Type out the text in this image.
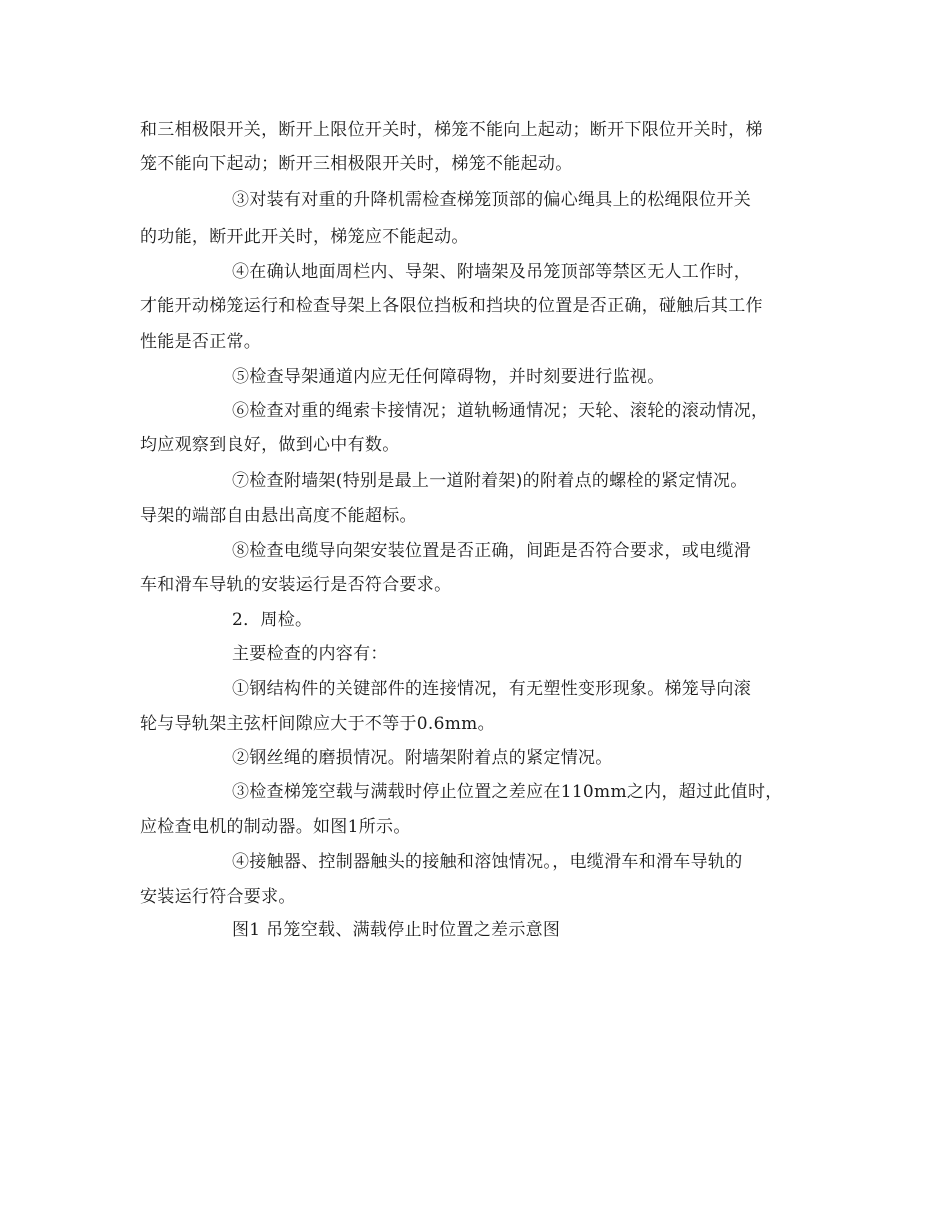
和三相极限开关，断开上限位开关时，梯笼不能向上起动；断开下限位开关时，梯
笼不能向下起动；断开三相极限开关时，梯笼不能起动。
③对装有对重的升降机需检查梯笼顶部的偏心绳具上的松绳限位开关
的功能，断开此开关时，梯笼应不能起动。
④在确认地面周栏内、导架、附墙架及吊笼顶部等禁区无人工作时，
才能开动梯笼运行和检查导架上各限位挡板和挡块的位置是否正确，碰触后其工作
性能是否正常。
⑤检查导架通道内应无任何障碍物，并时刻要进行监视。
⑥检查对重的绳索卡接情况；道轨畅通情况；天轮、滚轮的滚动情况，
均应观察到良好，做到心中有数。
⑦检查附墙架(特别是最上一道附着架)的附着点的螺栓的紧定情况。
导架的端部自由悬出高度不能超标。
⑧检查电缆导向架安装位置是否正确，间距是否符合要求，或电缆滑
车和滑车导轨的安装运行是否符合要求。
2．周检。
主要检查的内容有：
①钢结构件的关键部件的连接情况，有无塑性变形现象。梯笼导向滚
轮与导轨架主弦杆间隙应大于不等于0.6mm。
②钢丝绳的磨损情况。附墙架附着点的紧定情况。
③检查梯笼空载与满载时停止位置之差应在110mm之内，超过此值时，
应检查电机的制动器。如图1所示。
④接触器、控制器触头的接触和溶蚀情况。，电缆滑车和滑车导轨的
安装运行符合要求。
图1 吊笼空载、满载停止时位置之差示意图
